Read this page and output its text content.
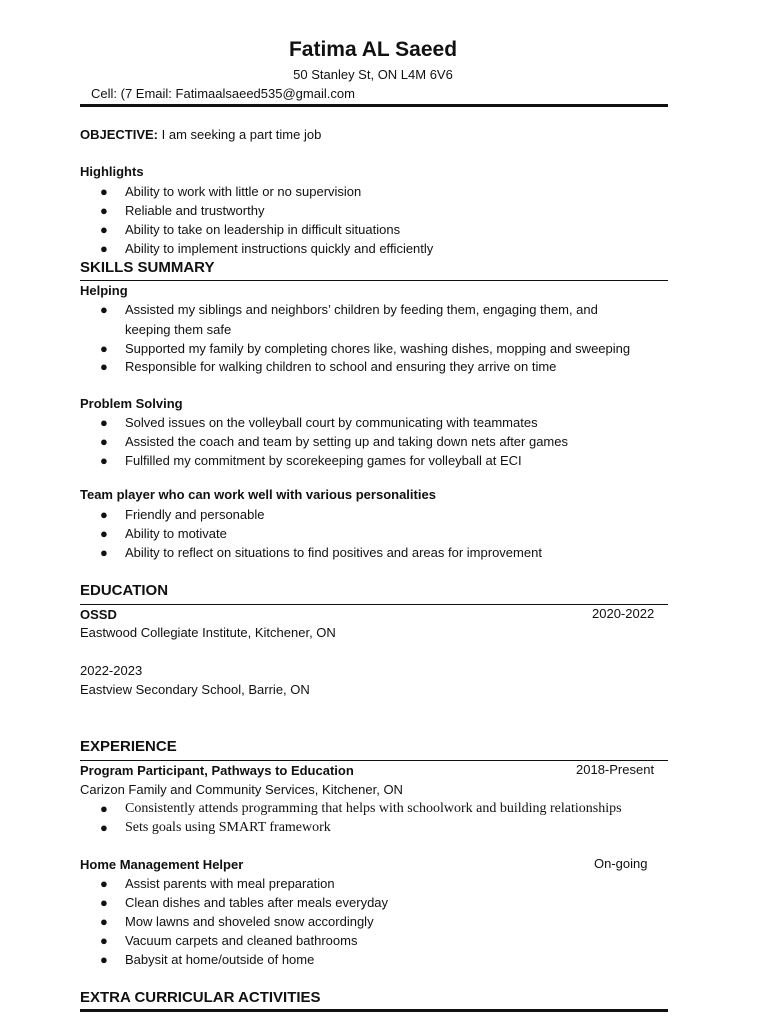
Fatima AL Saeed
50 Stanley St, ON L4M 6V6
Cell: (7 Email: Fatimaalsaeed535@gmail.com
OBJECTIVE: I am seeking a part time job
Highlights
●	Ability to work with little or no supervision
●	Reliable and trustworthy
●	Ability to take on leadership in difficult situations
●	Ability to implement instructions quickly and efficiently
SKILLS SUMMARY
Helping
●	Assisted my siblings and neighbors’ children by feeding them, engaging them, and
keeping them safe
●	Supported my family by completing chores like, washing dishes, mopping and sweeping
●	Responsible for walking children to school and ensuring they arrive on time
Problem Solving
●	Solved issues on the volleyball court by communicating with teammates
●	Assisted the coach and team by setting up and taking down nets after games
●	Fulfilled my commitment by scorekeeping games for volleyball at ECI
Team player who can work well with various personalities
●	Friendly and personable
●	Ability to motivate
●	Ability to reflect on situations to find positives and areas for improvement
EDUCATION
OSSD	2020-2022
Eastwood Collegiate Institute, Kitchener, ON
2022-2023
Eastview Secondary School, Barrie, ON
EXPERIENCE
Program Participant, Pathways to Education	2018-Present
Carizon Family and Community Services, Kitchener, ON
●	Consistently attends programming that helps with schoolwork and building relationships
●	Sets goals using SMART framework
Home Management Helper	On-going
●	Assist parents with meal preparation
●	Clean dishes and tables after meals everyday
●	Mow lawns and shoveled snow accordingly
●	Vacuum carpets and cleaned bathrooms
●	Babysit at home/outside of home
EXTRA CURRICULAR ACTIVITIES
